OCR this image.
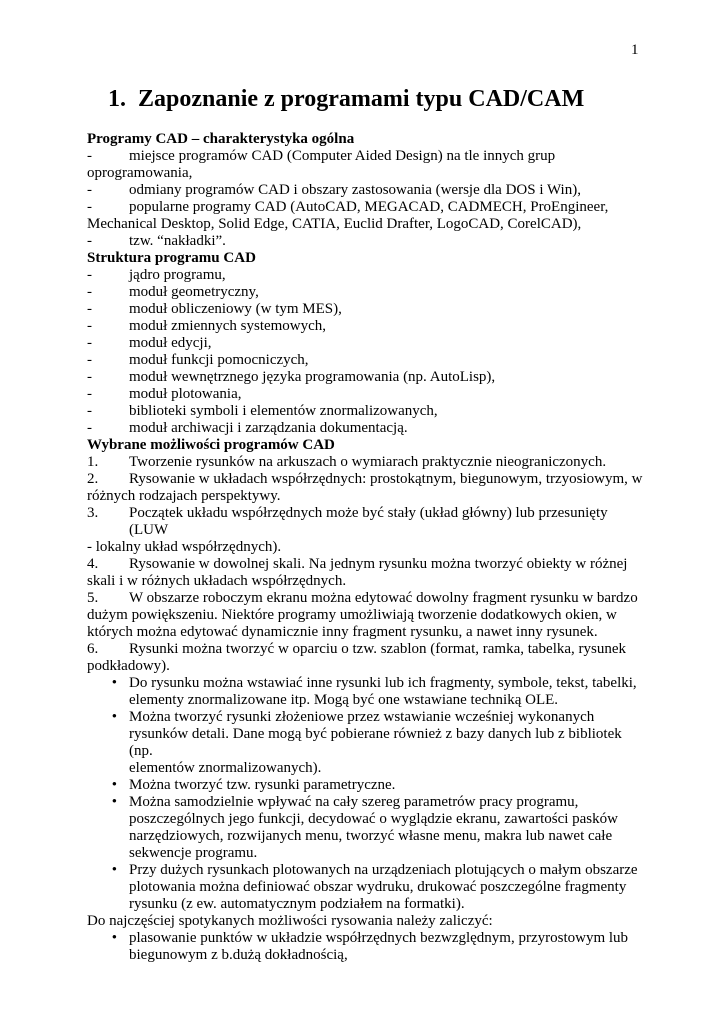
1
1. Zapoznanie z programami typu CAD/CAM
Programy CAD – charakterystyka ogólna
-	miejsce programów CAD (Computer Aided Design) na tle innych grup
oprogramowania,
-	odmiany programów CAD i obszary zastosowania (wersje dla DOS i Win),
-	popularne programy CAD (AutoCAD, MEGACAD, CADMECH, ProEngineer,
Mechanical Desktop, Solid Edge, CATIA, Euclid Drafter, LogoCAD, CorelCAD),
-	tzw. “nakładki”.
Struktura programu CAD
-	jądro programu,
-	moduł geometryczny,
-	moduł obliczeniowy (w tym MES),
-	moduł zmiennych systemowych,
-	moduł edycji,
-	moduł funkcji pomocniczych,
-	moduł wewnętrznego języka programowania (np. AutoLisp),
-	moduł plotowania,
-	biblioteki symboli i elementów znormalizowanych,
-	moduł archiwacji i zarządzania dokumentacją.
Wybrane możliwości programów CAD
1.	Tworzenie rysunków na arkuszach o wymiarach praktycznie nieograniczonych.
2.	Rysowanie w układach współrzędnych: prostokątnym, biegunowym, trzyosiowym, w
różnych rodzajach perspektywy.
3.	Początek układu współrzędnych może być stały (układ główny) lub przesunięty (LUW
- lokalny układ współrzędnych).
4.	Rysowanie w dowolnej skali. Na jednym rysunku można tworzyć obiekty w różnej
skali i w różnych układach współrzędnych.
5.	W obszarze roboczym ekranu można edytować dowolny fragment rysunku w bardzo
dużym powiększeniu. Niektóre programy umożliwiają tworzenie dodatkowych okien, w których można edytować dynamicznie inny fragment rysunku, a nawet inny rysunek.
6.	Rysunki można tworzyć w oparciu o tzw. szablon (format, ramka, tabelka, rysunek
podkładowy).
• Do rysunku można wstawiać inne rysunki lub ich fragmenty, symbole, tekst, tabelki,
elementy znormalizowane itp. Mogą być one wstawiane techniką OLE.
• Można tworzyć rysunki złożeniowe przez wstawianie wcześniej wykonanych
rysunków detali. Dane mogą być pobierane również z bazy danych lub z bibliotek (np.
elementów znormalizowanych).
• Można tworzyć tzw. rysunki parametryczne.
• Można samodzielnie wpływać na cały szereg parametrów pracy programu,
poszczególnych jego funkcji, decydować o wyglądzie ekranu, zawartości pasków
narzędziowych, rozwijanych menu, tworzyć własne menu, makra lub nawet całe
sekwencje programu.
• Przy dużych rysunkach plotowanych na urządzeniach plotujących o małym obszarze
plotowania można definiować obszar wydruku, drukować poszczególne fragmenty
rysunku (z ew. automatycznym podziałem na formatki).
Do najczęściej spotykanych możliwości rysowania należy zaliczyć:
• plasowanie punktów w układzie współrzędnych bezwzględnym, przyrostowym lub
biegunowym z b.dużą dokładnością,
